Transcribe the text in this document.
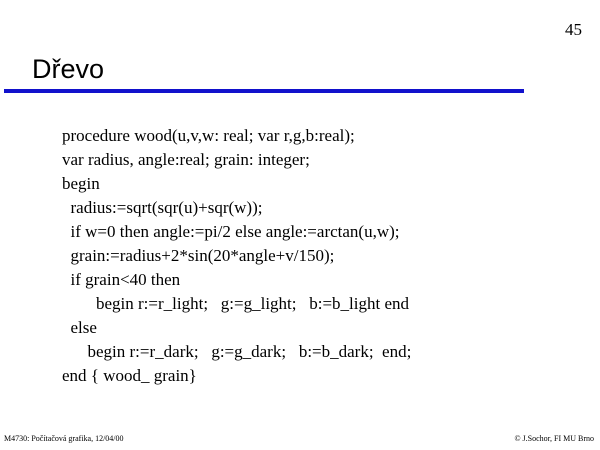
45
Dřevo
procedure wood(u,v,w: real; var r,g,b:real);
var radius, angle:real; grain: integer;
begin
radius:=sqrt(sqr(u)+sqr(w));
if w=0 then angle:=pi/2 else angle:=arctan(u,w);
grain:=radius+2*sin(20*angle+v/150);
if grain<40 then
begin r:=r_light;   g:=g_light;   b:=b_light end
else
begin r:=r_dark;   g:=g_dark;   b:=b_dark;  end;
end { wood_ grain}
M4730: Počítačová grafika, 12/04/00	© J.Sochor, FI MU Brno
